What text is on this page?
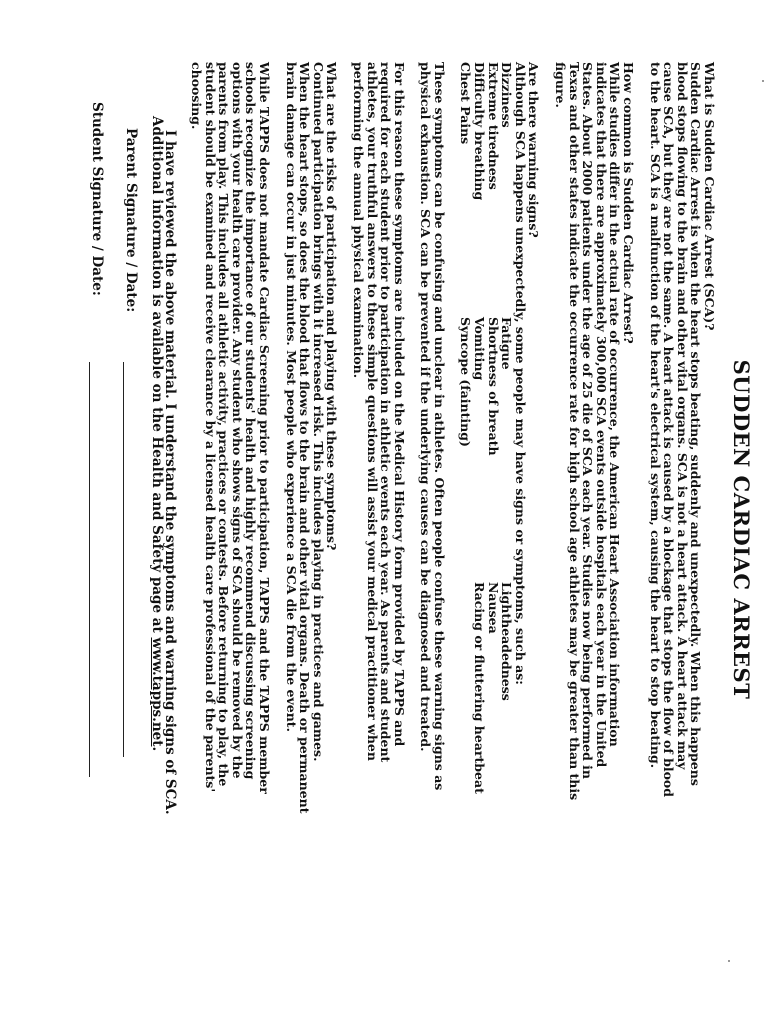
SUDDEN CARDIAC ARREST
What is Sudden Cardiac Arrest (SCA)?
Sudden Cardiac Arrest is when the heart stops beating, suddenly and unexpectedly. When this happens
blood stops flowing to the brain and other vital organs. SCA is not a heart attack. A heart attack may
cause SCA, but they are not the same. A heart attack is caused by a blockage that stops the flow of blood
to the heart. SCA is a malfunction of the heart's electrical system, causing the heart to stop beating.
How common is Sudden Cardiac Arrest?
While studies differ in the actual rate of occurrence, the American Heart Association information
indicates that there are approximately 300,000 SCA events outside hospitals each year in the United
States. About 2000 patients under the age of 25 die of SCA each year. Studies now being performed in
Texas and other states indicate the occurrence rate for high school age athletes may be greater than this
figure.
Are there warning signs?
Although SCA happens unexpectedly, some people may have signs or symptoms, such as:
Dizziness
Fatigue
Lightheadedness
Extreme tiredness
Shortness of breath
Nausea
Difficulty breathing
Vomiting
Racing or fluttering heartbeat
Chest Pains
Syncope (fainting)
These symptoms can be confusing and unclear in athletes. Often people confuse these warning signs as
physical exhaustion. SCA can be prevented if the underlying causes can be diagnosed and treated.
For this reason these symptoms are included on the Medical History form provided by TAPPS and
required for each student prior to participation in athletic events each year. As parents and student
athletes, your truthful answers to these simple questions will assist your medical practitioner when
performing the annual physical examination.
What are the risks of participation and playing with these symptoms?
Continued participation brings with it increased risk. This includes playing in practices and games.
When the heart stops, so does the blood that flows to the brain and other vital organs. Death or permanent
brain damage can occur in just minutes. Most people who experience a SCA die from the event.
While TAPPS does not mandate Cardiac Screening prior to participation, TAPPS and the TAPPS member
schools recognize the importance of our students' health and highly recommend discussing screening
options with your health care provider. Any student who shows signs of SCA should be removed by the
parents from play. This includes all athletic activity, practices or contests. Before returning to play, the
student should be examined and receive clearance by a licensed health care professional of the parents'
choosing.
I have reviewed the above material. I understand the symptoms and warning signs of SCA.
Additional information is available on the Health and Safety page at www.tapps.net.
Parent Signature / Date:
Student Signature / Date:
